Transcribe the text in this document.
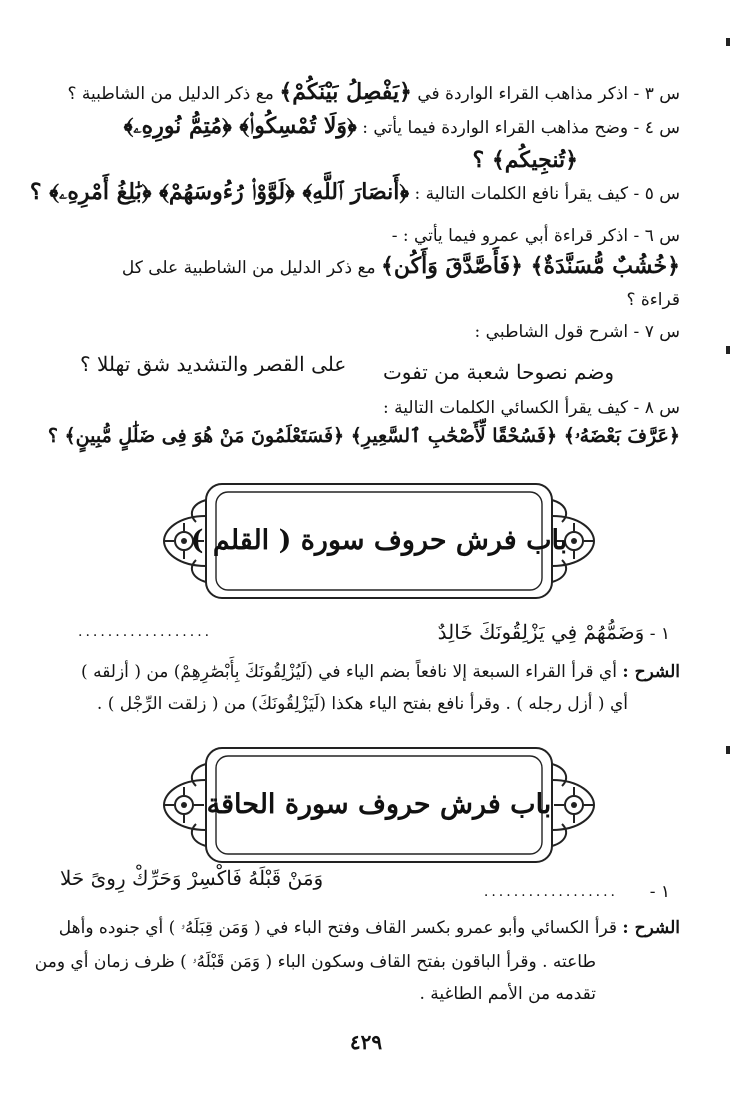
س ٣ - اذكر مذاهب القراء الواردة في ﴿يَفْصِلُ بَيْنَكُمْ﴾ مع ذكر الدليل من الشاطبية ؟
س ٤ - وضح مذاهب القراء الواردة فيما يأتي : ﴿وَلَا تُمْسِكُوا۟﴾ ﴿مُتِمُّ نُورِهِۦ﴾
﴿تُنجِيكُم﴾ ؟
س ٥ - كيف يقرأ نافع الكلمات التالية : ﴿أَنصَارَ ٱللَّهِ﴾ ﴿لَوَّوْا۟ رُءُوسَهُمْ﴾ ﴿بَٰلِغُ أَمْرِهِۦ﴾ ؟
س ٦ - اذكر قراءة أبي عمرو فيما يأتي : -
﴿خُشُبٌ مُّسَنَّدَةٌ﴾ ﴿فَأَصَّدَّقَ وَأَكُن﴾ مع ذكر الدليل من الشاطبية على كل
قراءة ؟
س ٧ - اشرح قول الشاطبي :
وضم نصوحا شعبة من تفوت
على القصر والتشديد شق تهللا ؟
س ٨ - كيف يقرأ الكسائي الكلمات التالية :
﴿عَرَّفَ بَعْضَهُۥ﴾ ﴿فَسُحْقًا لِّأَصْحَٰبِ ٱلسَّعِيرِ﴾ ﴿فَسَتَعْلَمُونَ مَنْ هُوَ فِى ضَلَٰلٍ مُّبِينٍ﴾ ؟
باب فرش حروف سورة ( القلم )
١ - وَضَمُّهُمْ فِي يَزْلِقُونَكَ خَالِدٌ
..................
الشرح : أي قرأ القراء السبعة إلا نافعاً بضم الياء في (لَيُزْلِقُونَكَ بِأَبْصَٰرِهِمْ) من ( أزلقه )
أي ( أزل رجله ) . وقرأ نافع بفتح الياء هكذا (لَيَزْلِقُونَكَ) من ( زلقت الرِّجْل ) .
باب فرش حروف سورة الحاقة
١ -
..................
وَمَنْ قَبْلَهُ فَاكْسِرْ وَحَرِّكْ رِوىً حَلا
الشرح : قرأ الكسائي وأبو عمرو بكسر القاف وفتح الباء في ( وَمَن قِبَلَهُۥ ) أي جنوده وأهل
طاعته . وقرأ الباقون بفتح القاف وسكون الباء ( وَمَن قَبْلَهُۥ ) ظرف زمان أي ومن
تقدمه من الأمم الطاغية .
٤٢٩
